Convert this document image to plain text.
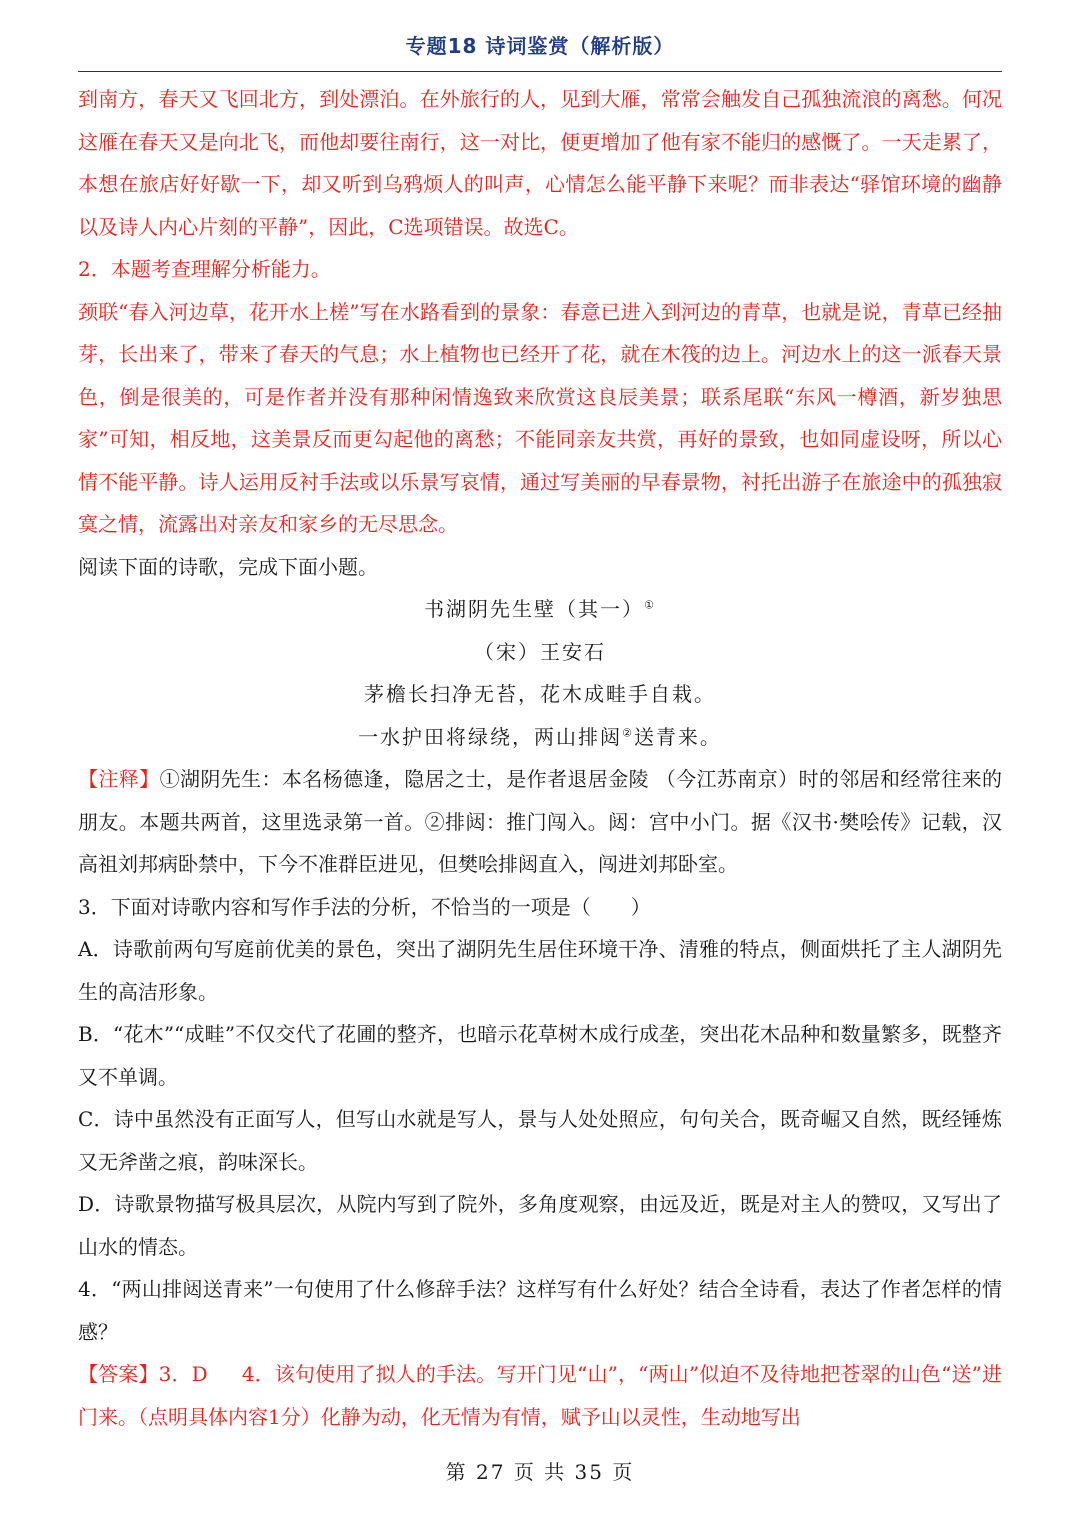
专题18 诗词鉴赏（解析版）

到南方，春天又飞回北方，到处漂泊。在外旅行的人，见到大雁，常常会触发自己孤独流浪的离愁。何况这雁在春天又是向北飞，而他却要往南行，这一对比，便更增加了他有家不能归的感慨了。一天走累了，本想在旅店好好歇一下，却又听到乌鸦烦人的叫声，心情怎么能平静下来呢？而非表达“驿馆环境的幽静以及诗人内心片刻的平静”，因此，C选项错误。故选C。

2．本题考查理解分析能力。

颈联“春入河边草，花开水上槎”写在水路看到的景象：春意已进入到河边的青草，也就是说，青草已经抽芽，长出来了，带来了春天的气息；水上植物也已经开了花，就在木筏的边上。河边水上的这一派春天景色，倒是很美的，可是作者并没有那种闲情逸致来欣赏这良辰美景；联系尾联“东风一樽酒，新岁独思家”可知，相反地，这美景反而更勾起他的离愁；不能同亲友共赏，再好的景致，也如同虚设呀，所以心情不能平静。诗人运用反衬手法或以乐景写哀情，通过写美丽的早春景物，衬托出游子在旅途中的孤独寂寞之情，流露出对亲友和家乡的无尽思念。

阅读下面的诗歌，完成下面小题。

书湖阴先生壁（其一）①

（宋）王安石

茅檐长扫净无苔，花木成畦手自栽。

一水护田将绿绕，两山排闼②送青来。

【注释】①湖阴先生：本名杨德逢，隐居之士，是作者退居金陵 （今江苏南京）时的邻居和经常往来的朋友。本题共两首，这里选录第一首。②排闼：推门闯入。闼：宫中小门。据《汉书·樊哙传》记载，汉高祖刘邦病卧禁中，下今不准群臣进见，但樊哙排闼直入，闯进刘邦卧室。

3．下面对诗歌内容和写作手法的分析，不恰当的一项是（ ）

A．诗歌前两句写庭前优美的景色，突出了湖阴先生居住环境干净、清雅的特点，侧面烘托了主人湖阴先生的高洁形象。

B．“花木”“成畦”不仅交代了花圃的整齐，也暗示花草树木成行成垄，突出花木品种和数量繁多，既整齐又不单调。

C．诗中虽然没有正面写人，但写山水就是写人，景与人处处照应，句句关合，既奇崛又自然，既经锤炼又无斧凿之痕，韵味深长。

D．诗歌景物描写极具层次，从院内写到了院外，多角度观察，由远及近，既是对主人的赞叹，又写出了山水的情态。

4．“两山排闼送青来”一句使用了什么修辞手法？这样写有什么好处？结合全诗看，表达了作者怎样的情感？

【答案】3．D 4．该句使用了拟人的手法。写开门见“山”，“两山”似迫不及待地把苍翠的山色“送”进门来。（点明具体内容1分）化静为动，化无情为有情，赋予山以灵性，生动地写出

第 27 页 共 35 页
